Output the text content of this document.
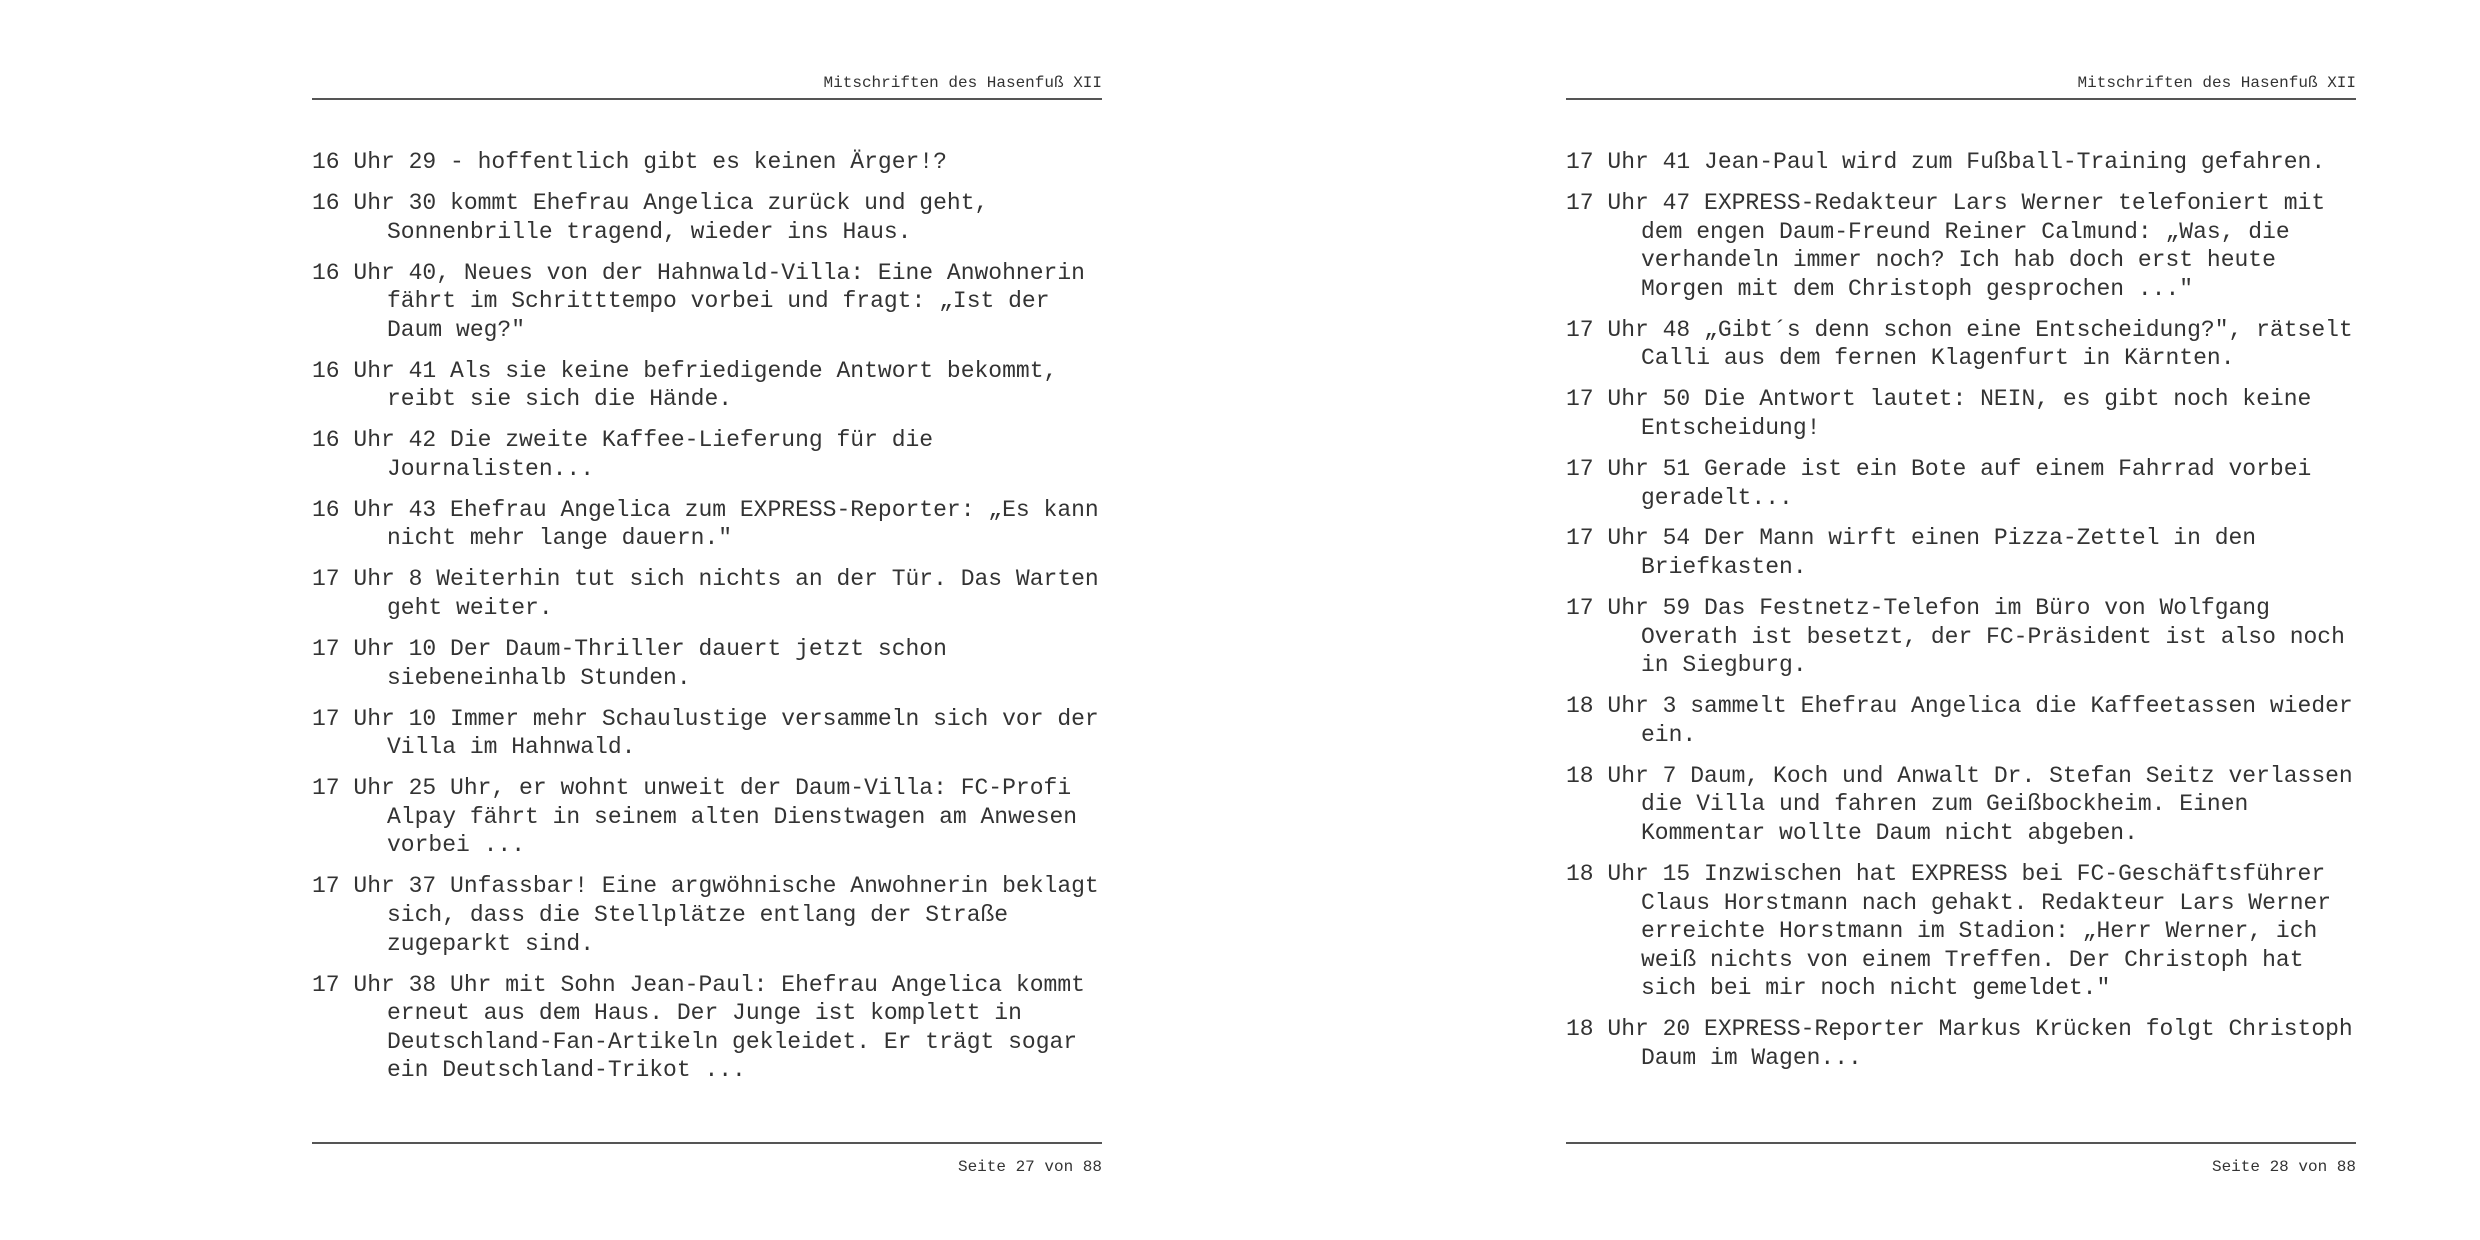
Mitschriften des Hasenfuß XII

16 Uhr 29 - hoffentlich gibt es keinen Ärger!?

16 Uhr 30 kommt Ehefrau Angelica zurück und geht, Sonnenbrille tragend, wieder ins Haus.

16 Uhr 40, Neues von der Hahnwald-Villa: Eine Anwohnerin fährt im Schritttempo vorbei und fragt: „Ist der Daum weg?"

16 Uhr 41 Als sie keine befriedigende Antwort bekommt, reibt sie sich die Hände.

16 Uhr 42 Die zweite Kaffee-Lieferung für die Journalisten...

16 Uhr 43 Ehefrau Angelica zum EXPRESS-Reporter: „Es kann nicht mehr lange dauern."

17 Uhr 8 Weiterhin tut sich nichts an der Tür. Das Warten geht weiter.

17 Uhr 10 Der Daum-Thriller dauert jetzt schon siebeneinhalb Stunden.

17 Uhr 10 Immer mehr Schaulustige versammeln sich vor der Villa im Hahnwald.

17 Uhr 25 Uhr, er wohnt unweit der Daum-Villa: FC-Profi Alpay fährt in seinem alten Dienstwagen am Anwesen vorbei ...

17 Uhr 37 Unfassbar! Eine argwöhnische Anwohnerin beklagt sich, dass die Stellplätze entlang der Straße zugeparkt sind.

17 Uhr 38 Uhr mit Sohn Jean-Paul: Ehefrau Angelica kommt erneut aus dem Haus. Der Junge ist komplett in Deutschland-Fan-Artikeln gekleidet. Er trägt sogar ein Deutschland-Trikot ...

Seite 27 von 88
Mitschriften des Hasenfuß XII

17 Uhr 41 Jean-Paul wird zum Fußball-Training gefahren.

17 Uhr 47 EXPRESS-Redakteur Lars Werner telefoniert mit dem engen Daum-Freund Reiner Calmund: „Was, die verhandeln immer noch? Ich hab doch erst heute Morgen mit dem Christoph gesprochen ..."

17 Uhr 48 „Gibt´s denn schon eine Entscheidung?", rätselt Calli aus dem fernen Klagenfurt in Kärnten.

17 Uhr 50 Die Antwort lautet: NEIN, es gibt noch keine Entscheidung!

17 Uhr 51 Gerade ist ein Bote auf einem Fahrrad vorbei geradelt...

17 Uhr 54 Der Mann wirft einen Pizza-Zettel in den Briefkasten.

17 Uhr 59 Das Festnetz-Telefon im Büro von Wolfgang Overath ist besetzt, der FC-Präsident ist also noch in Siegburg.

18 Uhr 3 sammelt Ehefrau Angelica die Kaffeetassen wieder ein.

18 Uhr 7 Daum, Koch und Anwalt Dr. Stefan Seitz verlassen die Villa und fahren zum Geißbockheim. Einen Kommentar wollte Daum nicht abgeben.

18 Uhr 15 Inzwischen hat EXPRESS bei FC-Geschäftsführer Claus Horstmann nach gehakt. Redakteur Lars Werner erreichte Horstmann im Stadion: „Herr Werner, ich weiß nichts von einem Treffen. Der Christoph hat sich bei mir noch nicht gemeldet."

18 Uhr 20 EXPRESS-Reporter Markus Krücken folgt Christoph Daum im Wagen...

Seite 28 von 88
